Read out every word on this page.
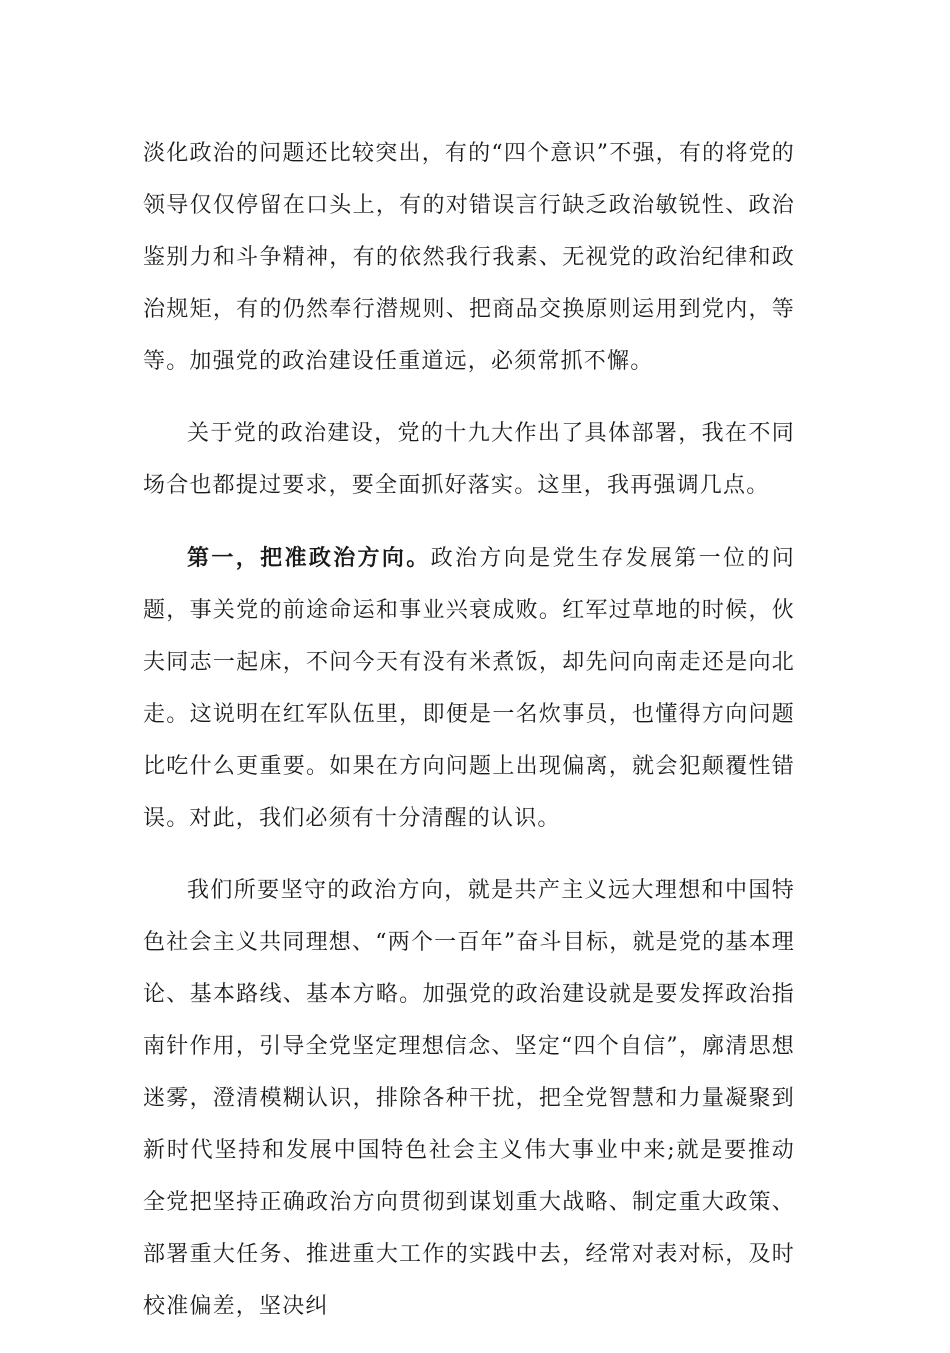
淡化政治的问题还比较突出，有的“四个意识”不强，有的将党的领导仅仅停留在口头上，有的对错误言行缺乏政治敏锐性、政治鉴别力和斗争精神，有的依然我行我素、无视党的政治纪律和政治规矩，有的仍然奉行潜规则、把商品交换原则运用到党内，等等。加强党的政治建设任重道远，必须常抓不懈。

关于党的政治建设，党的十九大作出了具体部署，我在不同场合也都提过要求，要全面抓好落实。这里，我再强调几点。

第一，把准政治方向。政治方向是党生存发展第一位的问题，事关党的前途命运和事业兴衰成败。红军过草地的时候，伙夫同志一起床，不问今天有没有米煮饭，却先问向南走还是向北走。这说明在红军队伍里，即便是一名炊事员，也懂得方向问题比吃什么更重要。如果在方向问题上出现偏离，就会犯颠覆性错误。对此，我们必须有十分清醒的认识。

我们所要坚守的政治方向，就是共产主义远大理想和中国特色社会主义共同理想、“两个一百年”奋斗目标，就是党的基本理论、基本路线、基本方略。加强党的政治建设就是要发挥政治指南针作用，引导全党坚定理想信念、坚定“四个自信”，廓清思想迷雾，澄清模糊认识，排除各种干扰，把全党智慧和力量凝聚到新时代坚持和发展中国特色社会主义伟大事业中来;就是要推动全党把坚持正确政治方向贯彻到谋划重大战略、制定重大政策、部署重大任务、推进重大工作的实践中去，经常对表对标，及时校准偏差，坚决纠
